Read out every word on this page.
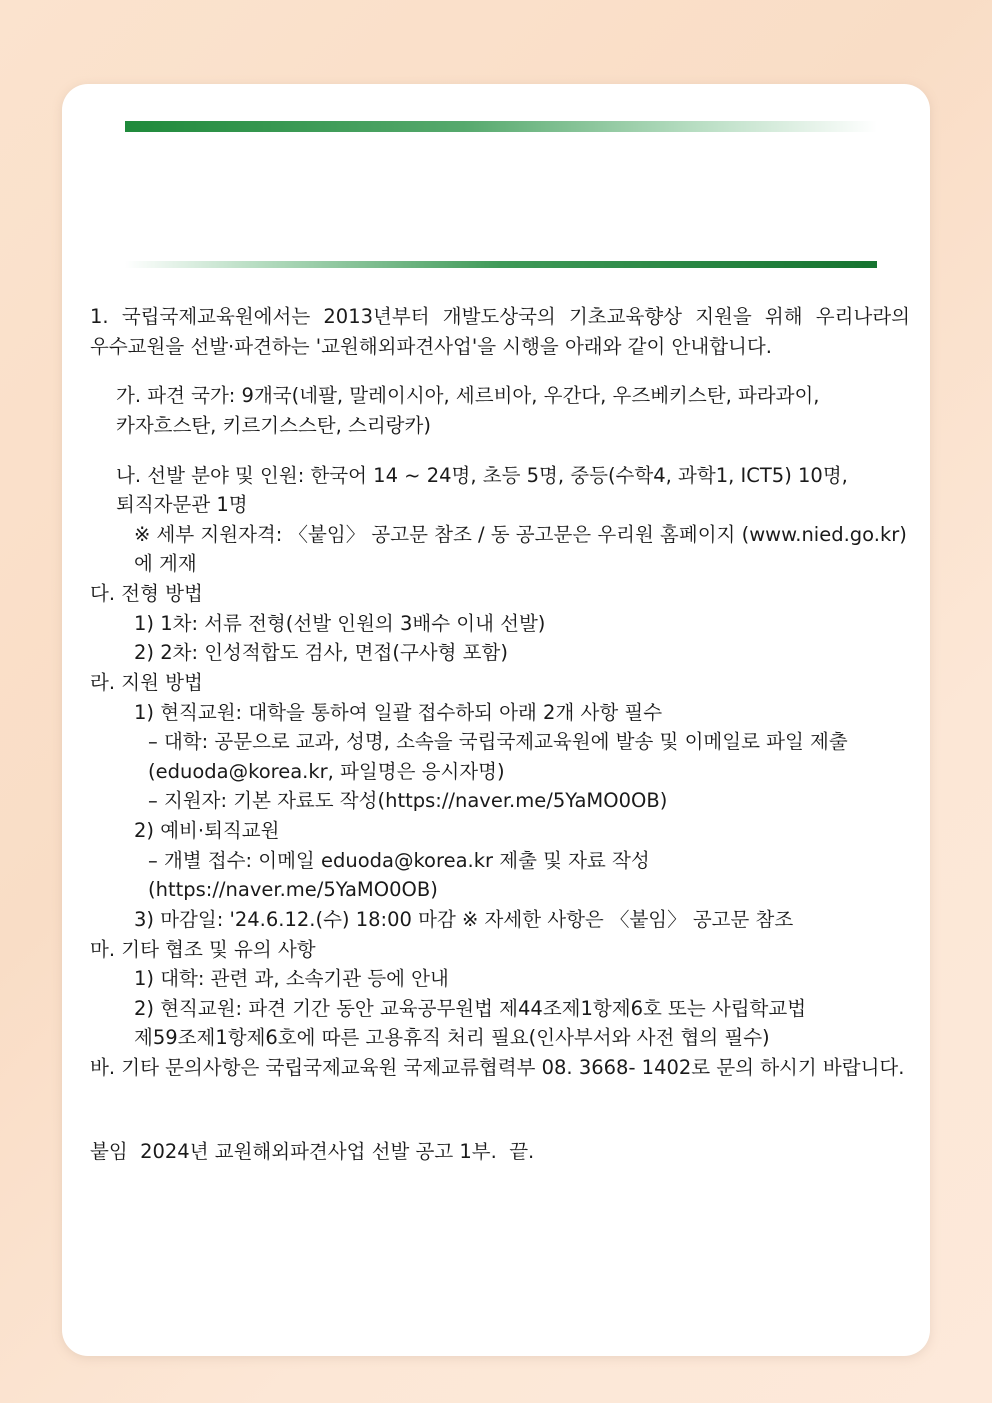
1. 국립국제교육원에서는 2013년부터 개발도상국의 기초교육향상 지원을 위해 우리나라의 우수교원을 선발·파견하는 '교원해외파견사업'을 시행을 아래와 같이 안내합니다.

가. 파견 국가: 9개국(네팔, 말레이시아, 세르비아, 우간다, 우즈베키스탄, 파라과이, 카자흐스탄, 키르기스스탄, 스리랑카)

나. 선발 분야 및 인원: 한국어 14 ~ 24명, 초등 5명, 중등(수학4, 과학1, ICT5) 10명, 퇴직자문관 1명

※ 세부 지원자격: 〈붙임〉 공고문 참조 / 동 공고문은 우리원 홈페이지 (www.nied.go.kr) 에 게재

다. 전형 방법

1) 1차: 서류 전형(선발 인원의 3배수 이내 선발)

2) 2차: 인성적합도 검사, 면접(구사형 포함)

라. 지원 방법

1) 현직교원: 대학을 통하여 일괄 접수하되 아래 2개 사항 필수

– 대학: 공문으로 교과, 성명, 소속을 국립국제교육원에 발송 및 이메일로 파일 제출(eduoda@korea.kr, 파일명은 응시자명)

– 지원자: 기본 자료도 작성(https://naver.me/5YaMO0OB)

2) 예비·퇴직교원

– 개별 접수: 이메일 eduoda@korea.kr 제출 및 자료 작성 (https://naver.me/5YaMO0OB)

3) 마감일: '24.6.12.(수) 18:00 마감 ※ 자세한 사항은 〈붙임〉 공고문 참조

마. 기타 협조 및 유의 사항

1) 대학: 관련 과, 소속기관 등에 안내

2) 현직교원: 파견 기간 동안 교육공무원법 제44조제1항제6호 또는 사립학교법 제59조제1항제6호에 따른 고용휴직 처리 필요(인사부서와 사전 협의 필수)

바. 기타 문의사항은 국립국제교육원 국제교류협력부 08. 3668- 1402로 문의 하시기 바랍니다.

붙임  2024년 교원해외파견사업 선발 공고 1부.  끝.
